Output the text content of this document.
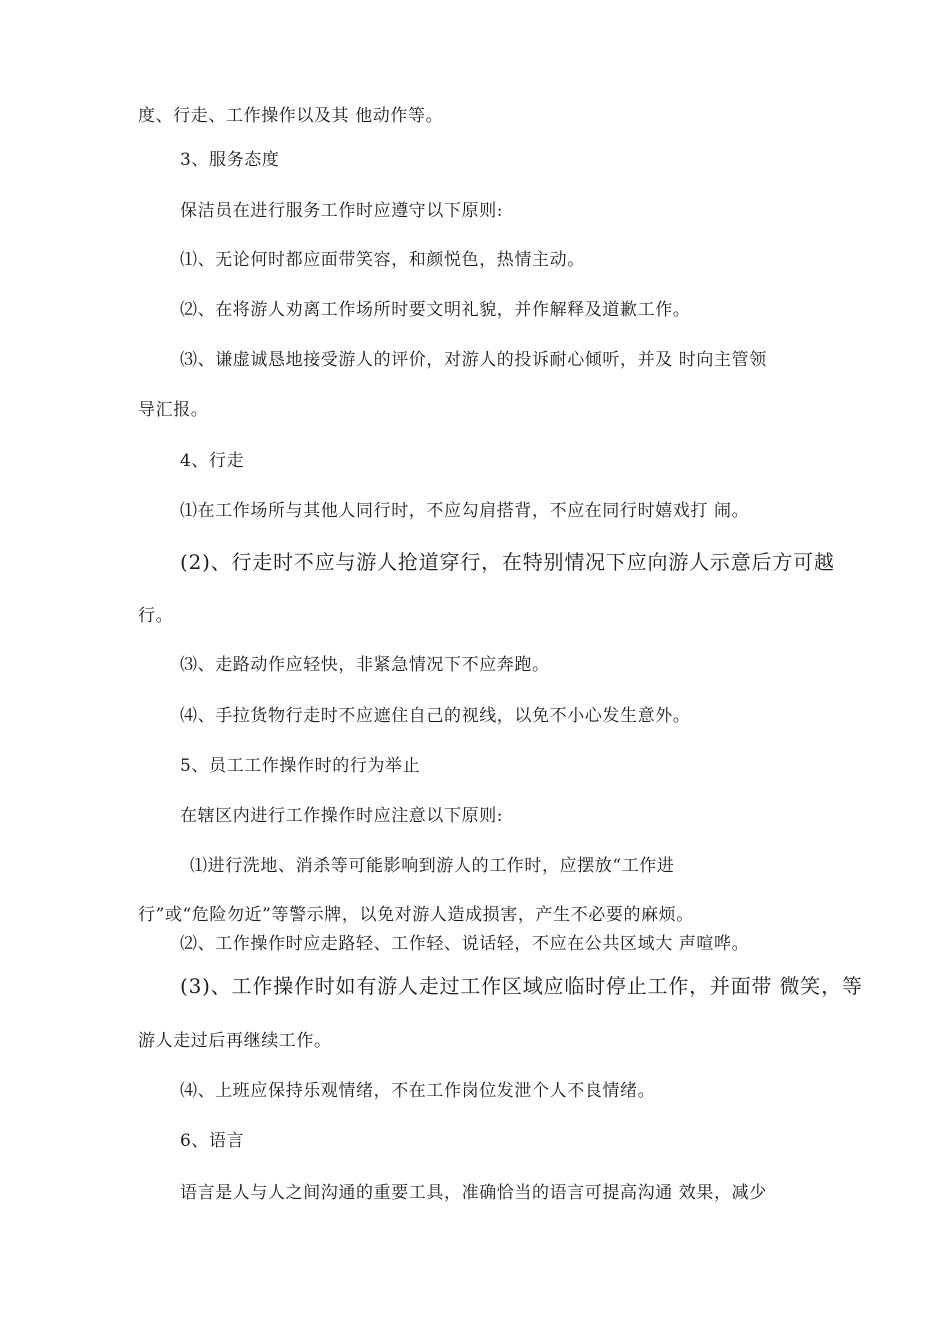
度、行走、工作操作以及其 他动作等。
3、服务态度
保洁员在进行服务工作时应遵守以下原则:
⑴、无论何时都应面带笑容，和颜悦色，热情主动。
⑵、在将游人劝离工作场所时要文明礼貌，并作解释及道歉工作。
⑶、谦虚诚恳地接受游人的评价，对游人的投诉耐心倾听，并及 时向主管领
导汇报。
4、行走
⑴在工作场所与其他人同行时，不应勾肩搭背，不应在同行时嬉戏打 闹。
(2)、行走时不应与游人抢道穿行，在特别情况下应向游人示意后方可越
行。
⑶、走路动作应轻快，非紧急情况下不应奔跑。
⑷、手拉货物行走时不应遮住自己的视线，以免不小心发生意外。
5、员工工作操作时的行为举止
在辖区内进行工作操作时应注意以下原则:
⑴进行洗地、消杀等可能影响到游人的工作时，应摆放“工作进
行”或“危险勿近”等警示牌，以免对游人造成损害，产生不必要的麻烦。
⑵、工作操作时应走路轻、工作轻、说话轻，不应在公共区域大 声喧哗。
(3)、工作操作时如有游人走过工作区域应临时停止工作，并面带 微笑，等
游人走过后再继续工作。
⑷、上班应保持乐观情绪，不在工作岗位发泄个人不良情绪。
6、语言
语言是人与人之间沟通的重要工具，准确恰当的语言可提高沟通 效果，减少
